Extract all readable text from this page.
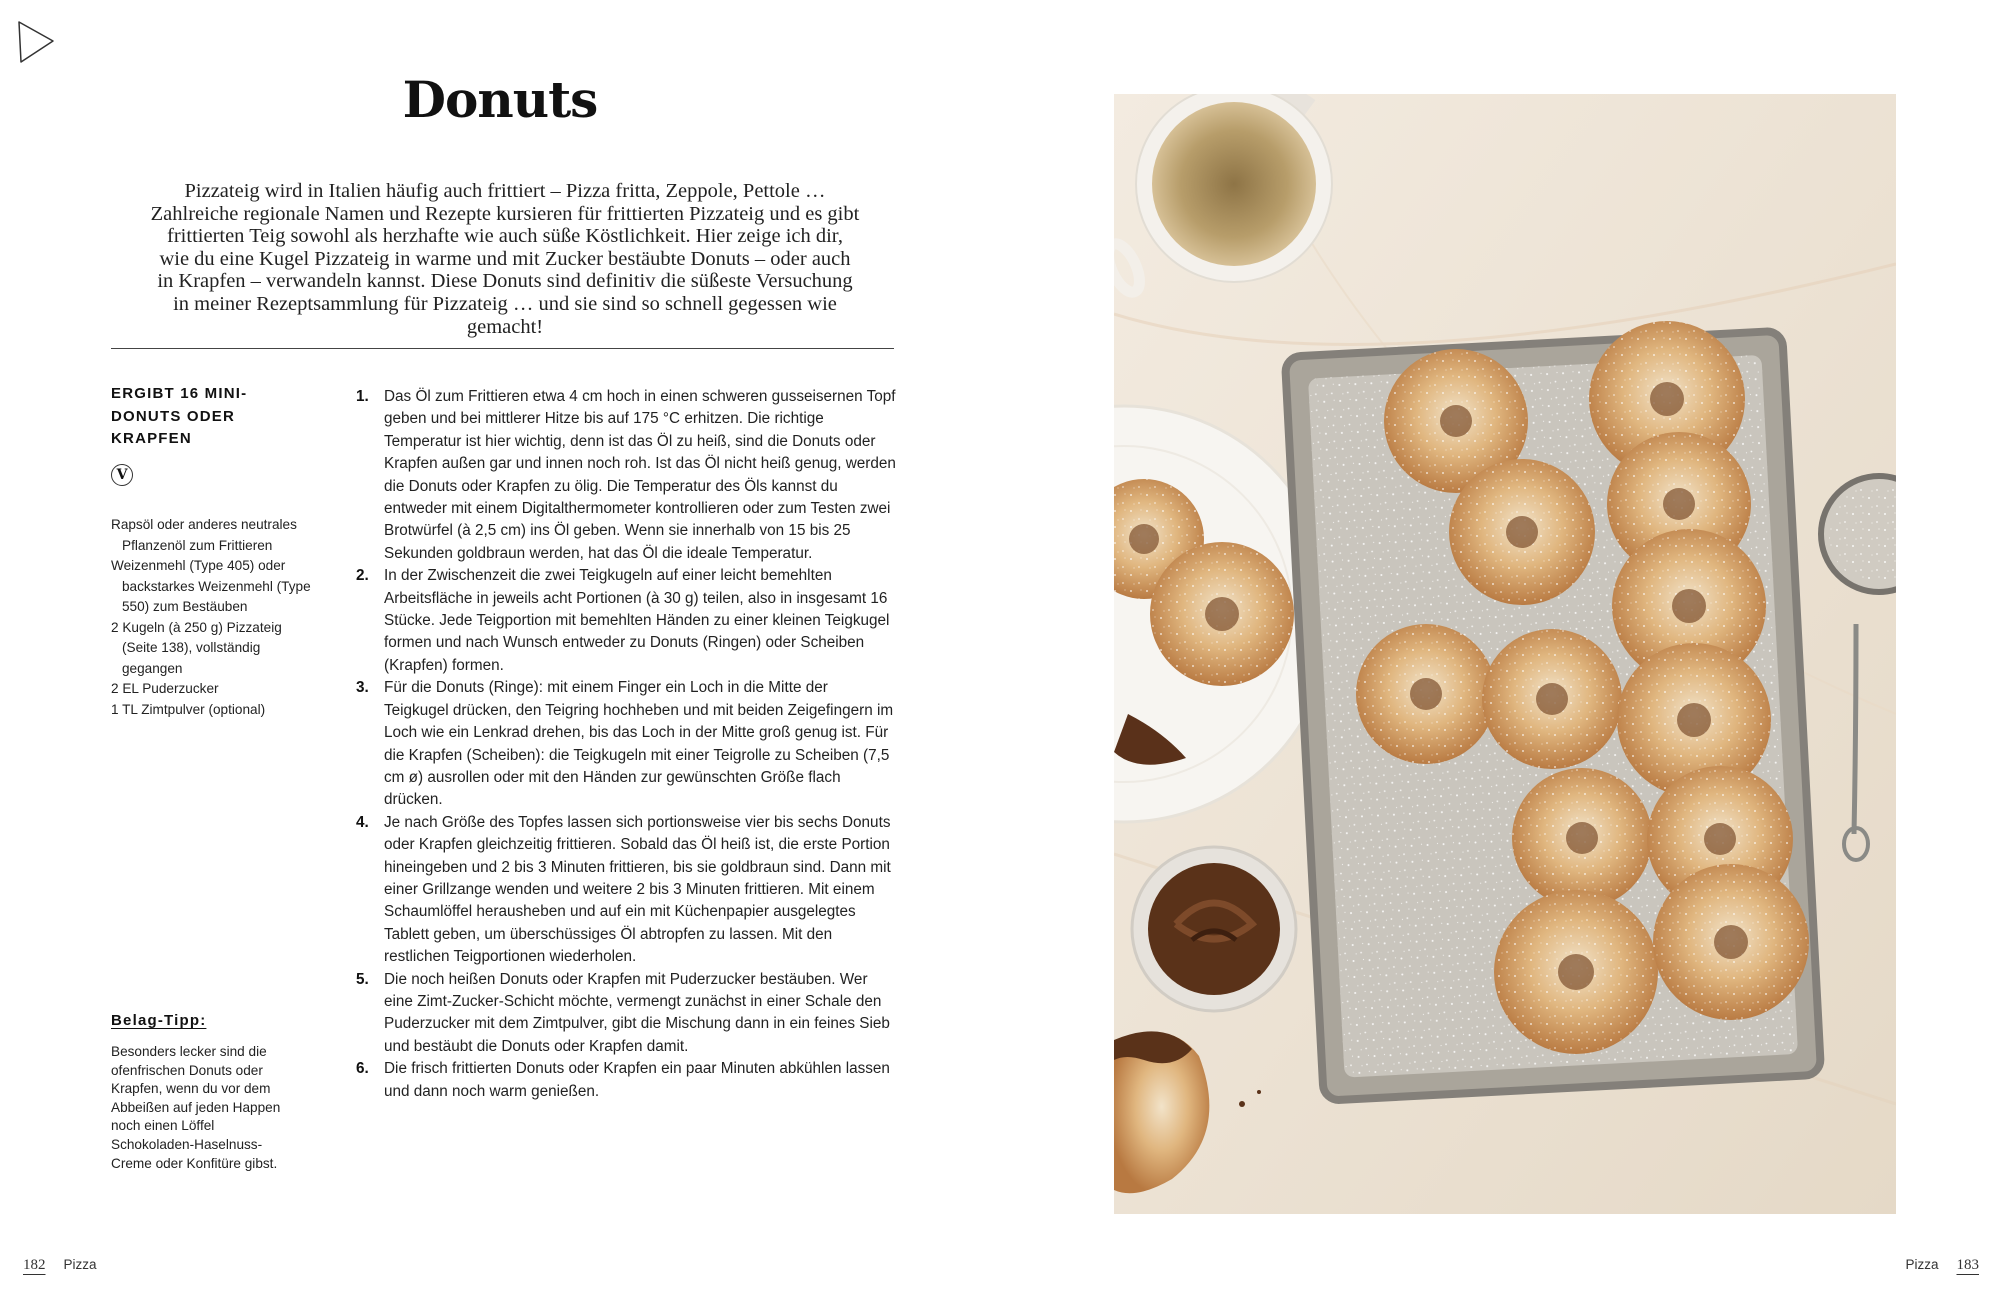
Donuts

Pizzateig wird in Italien häufig auch frittiert – Pizza fritta, Zeppole, Pettole … Zahlreiche regionale Namen und Rezepte kursieren für frittierten Pizzateig und es gibt frittierten Teig sowohl als herzhafte wie auch süße Köstlichkeit. Hier zeige ich dir, wie du eine Kugel Pizzateig in warme und mit Zucker bestäubte Donuts – oder auch in Krapfen – verwandeln kannst. Diese Donuts sind definitiv die süßeste Versuchung in meiner Rezeptsammlung für Pizzateig … und sie sind so schnell gegessen wie gemacht!

ERGIBT 16 MINI-DONUTS ODER KRAPFEN

V
Rapsöl oder anderes neutrales Pflanzenöl zum Frittieren
Weizenmehl (Type 405) oder backstarkes Weizenmehl (Type 550) zum Bestäuben
2 Kugeln (à 250 g) Pizzateig (Seite 138), vollständig gegangen
2 EL Puderzucker
1 TL Zimtpulver (optional)
1. Das Öl zum Frittieren etwa 4 cm hoch in einen schweren gusseisernen Topf geben und bei mittlerer Hitze bis auf 175 °C erhitzen. Die richtige Temperatur ist hier wichtig, denn ist das Öl zu heiß, sind die Donuts oder Krapfen außen gar und innen noch roh. Ist das Öl nicht heiß genug, werden die Donuts oder Krapfen zu ölig. Die Temperatur des Öls kannst du entweder mit einem Digitalthermometer kontrollieren oder zum Testen zwei Brotwürfel (à 2,5 cm) ins Öl geben. Wenn sie innerhalb von 15 bis 25 Sekunden goldbraun werden, hat das Öl die ideale Temperatur.
2. In der Zwischenzeit die zwei Teigkugeln auf einer leicht bemehlten Arbeitsfläche in jeweils acht Portionen (à 30 g) teilen, also in insgesamt 16 Stücke. Jede Teigportion mit bemehlten Händen zu einer kleinen Teigkugel formen und nach Wunsch entweder zu Donuts (Ringen) oder Scheiben (Krapfen) formen.
3. Für die Donuts (Ringe): mit einem Finger ein Loch in die Mitte der Teigkugel drücken, den Teigring hochheben und mit beiden Zeigefingern im Loch wie ein Lenkrad drehen, bis das Loch in der Mitte groß genug ist. Für die Krapfen (Scheiben): die Teigkugeln mit einer Teigrolle zu Scheiben (7,5 cm ø) ausrollen oder mit den Händen zur gewünschten Größe flach drücken.
4. Je nach Größe des Topfes lassen sich portionsweise vier bis sechs Donuts oder Krapfen gleichzeitig frittieren. Sobald das Öl heiß ist, die erste Portion hineingeben und 2 bis 3 Minuten frittieren, bis sie goldbraun sind. Dann mit einer Grillzange wenden und weitere 2 bis 3 Minuten frittieren. Mit einem Schaumlöffel herausheben und auf ein mit Küchenpapier ausgelegtes Tablett geben, um überschüssiges Öl abtropfen zu lassen. Mit den restlichen Teigportionen wiederholen.
5. Die noch heißen Donuts oder Krapfen mit Puderzucker bestäuben. Wer eine Zimt-Zucker-Schicht möchte, vermengt zunächst in einer Schale den Puderzucker mit dem Zimtpulver, gibt die Mischung dann in ein feines Sieb und bestäubt die Donuts oder Krapfen damit.
6. Die frisch frittierten Donuts oder Krapfen ein paar Minuten abkühlen lassen und dann noch warm genießen.
Belag-Tipp:

Besonders lecker sind die ofenfrischen Donuts oder Krapfen, wenn du vor dem Abbeißen auf jeden Happen noch einen Löffel Schokoladen-Haselnuss-Creme oder Konfitüre gibst.

182 Pizza	Pizza 183
